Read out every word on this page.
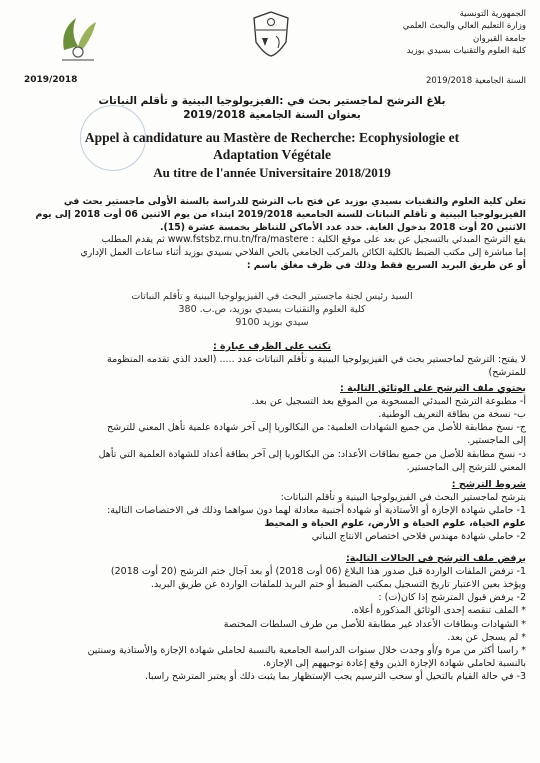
الجمهورية التونسية
وزارة التعليم العالي والبحث العلمي
جامعة القيروان
كلية العلوم والتقنيات بسيدي بوزيد
2019/2018	السنة الجامعية 2019/2018
بلاغ الترشح لماجستير بحث في :الفيزيولوجيا البينية و تأقلم النباتات
بعنوان السنة الجامعية 2019/2018
Appel à candidature au Mastère de Recherche: Ecophysiologie et
Adaptation Végétale
Au titre de l'année Universitaire 2018/2019

تعلن كلية العلوم والتقنيات بسيدي بوزيد عن فتح باب الترشح للدراسة بالسنة الأولى ماجستير بحث في

الفيزيولوجيا البينية و تأقلم النباتات للسنة الجامعية 2019/2018 ابتداء من يوم الاثنين 06 أوت 2018 إلى يوم

الاثنين 20 أوت 2018 بدخول الغاية. حدد عدد الأماكن للتناظر بخمسة عشرة (15).

يقع الترشح المبدئي بالتسجيل عن بعد على موقع الكلية : www.fstsbz.rnu.tn/fra/mastere ثم يقدم المطلب

إما مباشرة إلى مكتب الضبط بالكلية الكائن بالمركب الجامعي بالحي الفلاحي بسيدي بوزيد أثناء ساعات العمل الإداري

أو عن طريق البريد السريع فقط وذلك في ظرف مغلق باسم :

السيد رئيس لجنة ماجستير البحث في الفيزيولوجيا البينية و تأقلم النباتات

كلية العلوم والتقنيات بسيدي بوزيد، ص.ب. 380

سيدي بوزيد 9100

تكتب على الظرف عبارة :

لا يفتح: الترشح لماجستير بحث في الفيزيولوجيا البينية و تأقلم النباتات عدد ..... (العدد الذي تقدمه المنظومة

للمترشح)

يحتوي ملف الترشح على الوثائق التالية :

أ- مطبوعة الترشح المبدئي المسحوبة من الموقع بعد التسجيل عن بعد.

ب- نسخة من بطاقة التعريف الوطنية.

ج- نسخ مطابقة للأصل من جميع الشهادات العلمية: من البكالوريا إلى آخر شهادة علمية تأهل المعني للترشح

إلى الماجستير.

د- نسخ مطابقة للأصل من جميع بطاقات الأعداد: من البكالوريا إلى آخر بطاقة أعداد للشهادة العلمية التي تأهل

المعني للترشح إلى الماجستير.

شروط الترشح :

يترشح لماجستير البحث في الفيزيولوجيا البينية و تأقلم النباتات:

1- حاملي شهادة الإجازة أو الأستاذية أو شهادة أجنبية معادلة لهما دون سواهما وذلك في الاختصاصات التالية:

علوم الحياة، علوم الحياة و الأرض، علوم الحياة و المحيط

2- حاملي شهادة مهندس فلاحي اختصاص الانتاج النباتي

يرفض ملف الترشح في الحالات التالية:

1- ترفض الملفات الواردة قبل صدور هذا البلاغ (06 أوت 2018) أو بعد آجال ختم الترشح (20 أوت 2018)

ويؤخذ بعين الاعتبار تاريخ التسجيل بمكتب الضبط أو ختم البريد للملفات الواردة عن طريق البريد.

2- يرفض قبول المترشح إذا كان(ت) :

* الملف تنقصه إحدى الوثائق المذكورة أعلاه.

* الشهادات وبطاقات الأعداد غير مطابقة للأصل من طرف السلطات المختصة

* لم يسجل عن بعد.

* راسبا أكثر من مرة و/أو وجدت خلال سنوات الدراسة الجامعية بالنسبة لحاملي شهادة الإجازة والأستاذية وسنتين

بالنسبة لحاملي شهادة الإجازة الذين وقع إعادة توجيههم إلى الإجازة.

3- في حالة القيام بالتحيل أو سحب الترسيم يجب الإستظهار بما يثبت ذلك أو يعتبر المترشح راسبا.
